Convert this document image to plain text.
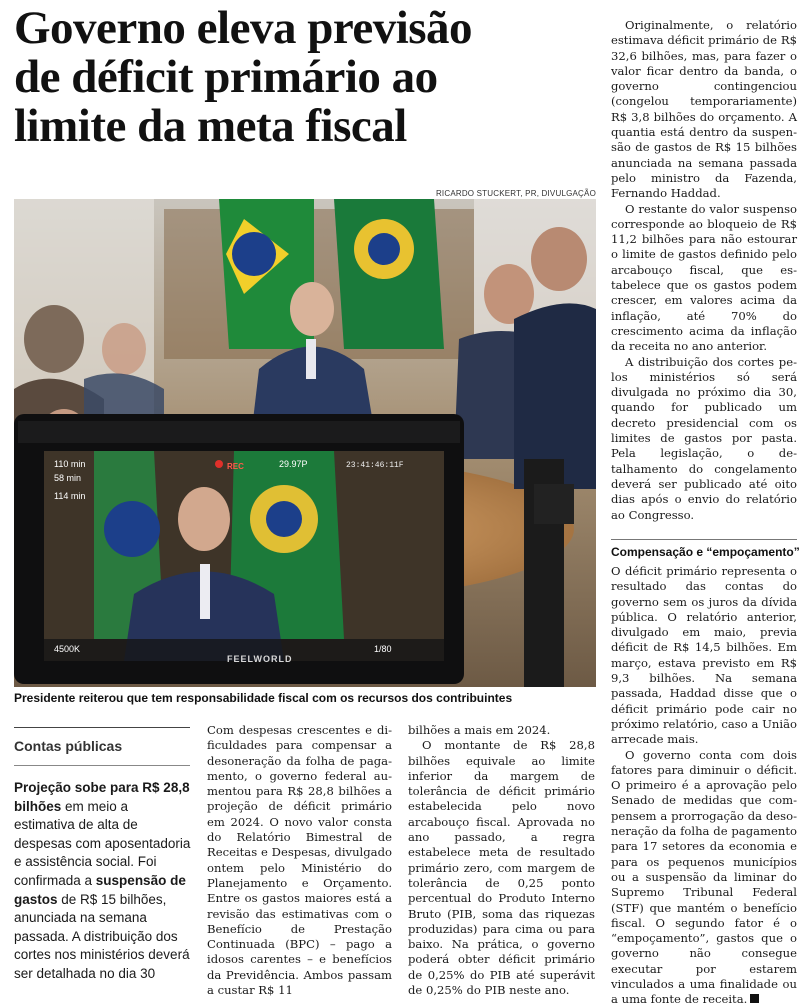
Governo eleva previsão
de déficit primário ao
limite da meta fiscal
RICARDO STUCKERT, PR, DIVULGAÇÃO
110 min
58 min
114 min
29.97P
4500K	1/80
FEELWORLD
REC	23:41:46:11F
Presidente reiterou que tem responsabilidade fiscal com os recursos dos contribuintes
Contas públicas

Projeção sobe para R$ 28,8 bilhões em meio a estimativa de alta de despesas com aposentadoria e assistência social. Foi confirmada a suspensão de gastos de R$ 15 bilhões, anunciada na semana passada. A distribuição dos cortes nos ministérios deverá ser detalhada no dia 30

Com despesas crescentes e dificuldades para compensar a desoneração da folha de pagamento, o governo federal aumentou para R$ 28,8 bilhões a projeção de déficit primário em 2024. O novo valor consta do Relatório Bimestral de Receitas e Despesas, divulgado ontem pelo Ministério do Planejamento e Orçamento. Entre os gastos maiores está a revisão das estimativas com o Benefício de Prestação Continuada (BPC) – pago a idosos carentes – e benefícios da Previdência. Ambos passam a custar R$ 11

bilhões a mais em 2024.

O montante de R$ 28,8 bilhões equivale ao limite inferior da margem de tolerância de déficit primário estabelecida pelo novo arcabouço fiscal. Aprovada no ano passado, a regra estabelece meta de resultado primário zero, com margem de tolerância de 0,25 ponto percentual do Produto Interno Bruto (PIB, soma das riquezas produzidas) para cima ou para baixo. Na prática, o governo poderá obter déficit primário de 0,25% do PIB até superávit de 0,25% do PIB neste ano.

Originalmente, o relatório estimava déficit primário de R$ 32,6 bilhões, mas, para fazer o valor ficar dentro da banda, o governo contingenciou (congelou temporariamente) R$ 3,8 bilhões do orçamento. A quantia está dentro da suspensão de gastos de R$ 15 bilhões anunciada na semana passada pelo ministro da Fazenda, Fernando Haddad.

O restante do valor suspenso corresponde ao bloqueio de R$ 11,2 bilhões para não estourar o limite de gastos definido pelo arcabouço fiscal, que estabelece que os gastos podem crescer, em valores acima da inflação, até 70% do crescimento acima da inflação da receita no ano anterior.

A distribuição dos cortes pelos ministérios só será divulgada no próximo dia 30, quando for publicado um decreto presidencial com os limites de gastos por pasta. Pela legislação, o detalhamento do congelamento deverá ser publicado até oito dias após o envio do relatório ao Congresso.

Compensação e “empoçamento”

O déficit primário representa o resultado das contas do governo sem os juros da dívida pública. O relatório anterior, divulgado em maio, previa déficit de R$ 14,5 bilhões. Em março, estava previsto em R$ 9,3 bilhões. Na semana passada, Haddad disse que o déficit primário pode cair no próximo relatório, caso a União arrecade mais.

O governo conta com dois fatores para diminuir o déficit. O primeiro é a aprovação pelo Senado de medidas que compensem a prorrogação da desoneração da folha de pagamento para 17 setores da economia e para os pequenos municípios ou a suspensão da liminar do Supremo Tribunal Federal (STF) que mantém o benefício fiscal. O segundo fator é o “empoçamento”, gastos que o governo não consegue executar por estarem vinculados a uma finalidade ou a uma fonte de receita.
